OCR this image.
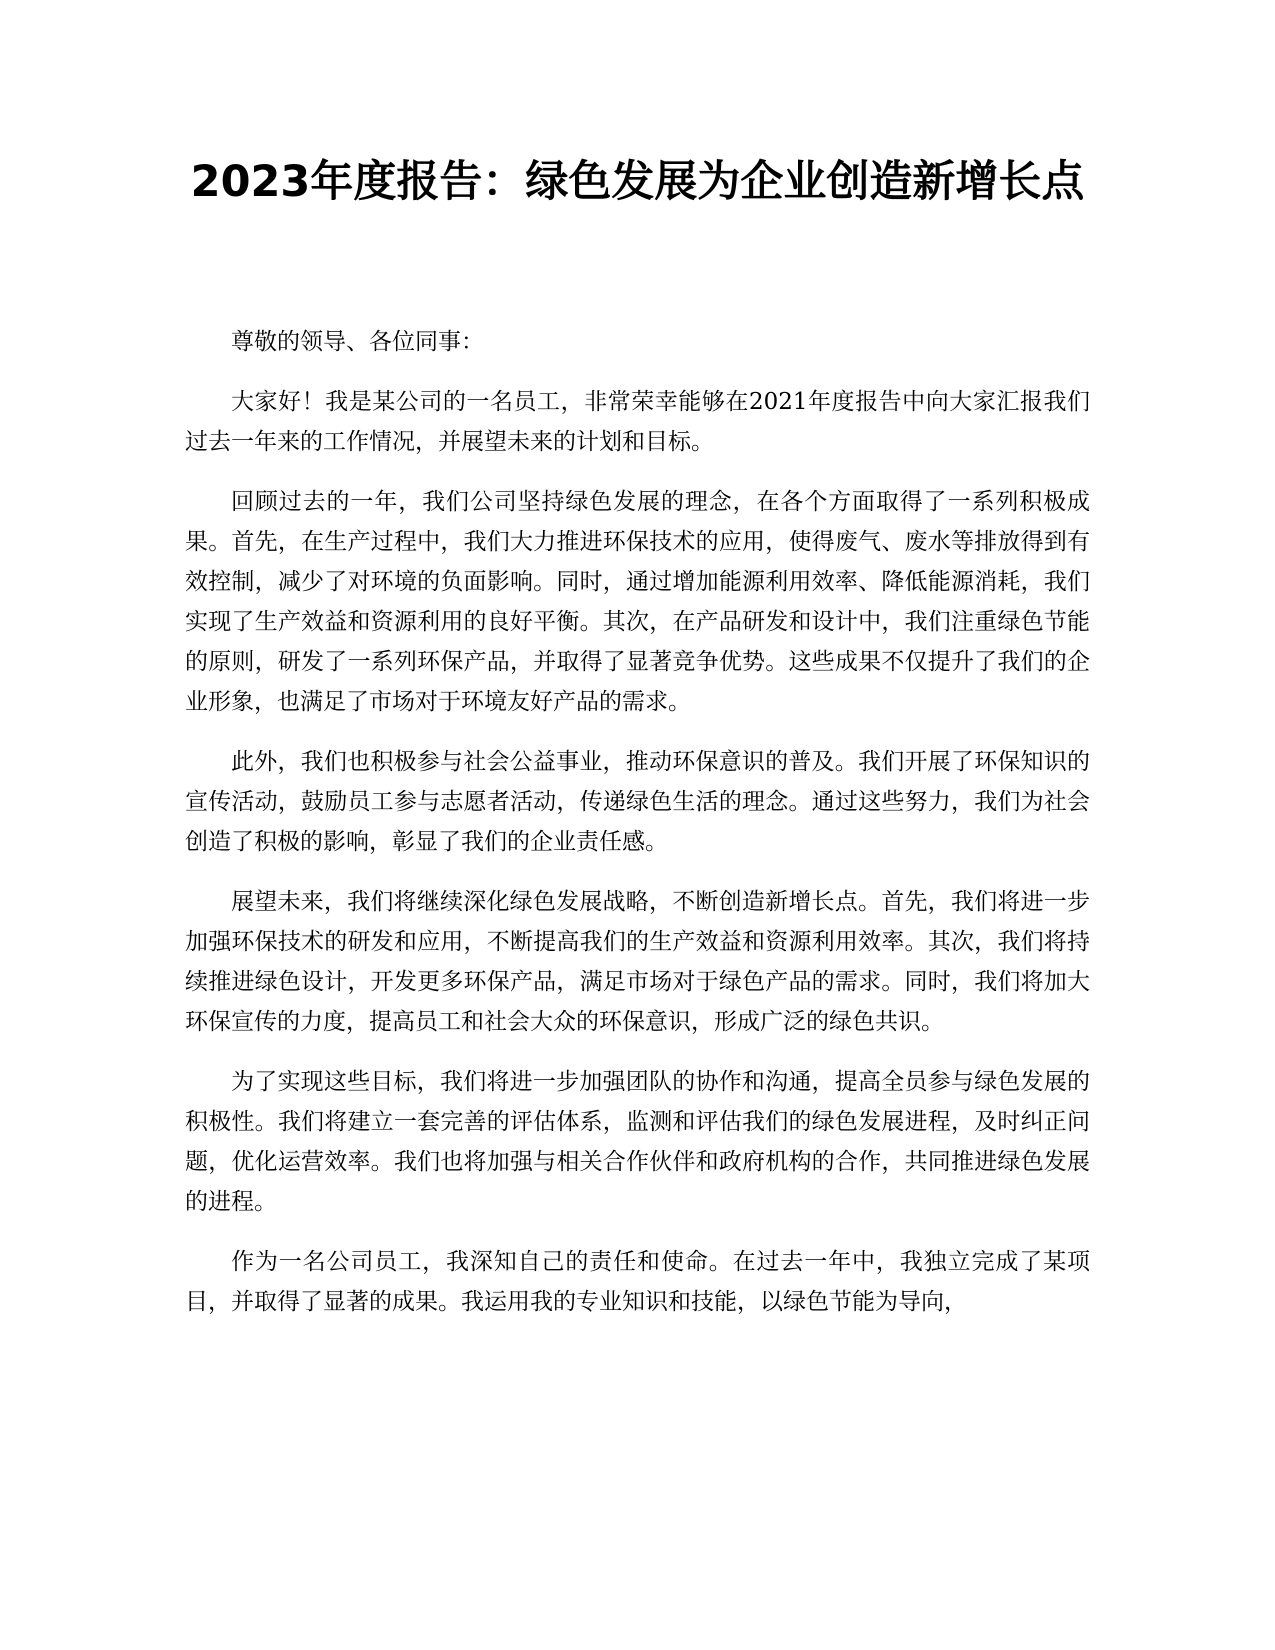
2023年度报告：绿色发展为企业创造新增长点

尊敬的领导、各位同事：

大家好！我是某公司的一名员工，非常荣幸能够在2021年度报告中向大家汇报我们过去一年来的工作情况，并展望未来的计划和目标。

回顾过去的一年，我们公司坚持绿色发展的理念，在各个方面取得了一系列积极成果。首先，在生产过程中，我们大力推进环保技术的应用，使得废气、废水等排放得到有效控制，减少了对环境的负面影响。同时，通过增加能源利用效率、降低能源消耗，我们实现了生产效益和资源利用的良好平衡。其次，在产品研发和设计中，我们注重绿色节能的原则，研发了一系列环保产品，并取得了显著竞争优势。这些成果不仅提升了我们的企业形象，也满足了市场对于环境友好产品的需求。

此外，我们也积极参与社会公益事业，推动环保意识的普及。我们开展了环保知识的宣传活动，鼓励员工参与志愿者活动，传递绿色生活的理念。通过这些努力，我们为社会创造了积极的影响，彰显了我们的企业责任感。

展望未来，我们将继续深化绿色发展战略，不断创造新增长点。首先，我们将进一步加强环保技术的研发和应用，不断提高我们的生产效益和资源利用效率。其次，我们将持续推进绿色设计，开发更多环保产品，满足市场对于绿色产品的需求。同时，我们将加大环保宣传的力度，提高员工和社会大众的环保意识，形成广泛的绿色共识。

为了实现这些目标，我们将进一步加强团队的协作和沟通，提高全员参与绿色发展的积极性。我们将建立一套完善的评估体系，监测和评估我们的绿色发展进程，及时纠正问题，优化运营效率。我们也将加强与相关合作伙伴和政府机构的合作，共同推进绿色发展的进程。

作为一名公司员工，我深知自己的责任和使命。在过去一年中，我独立完成了某项目，并取得了显著的成果。我运用我的专业知识和技能，以绿色节能为导向，
